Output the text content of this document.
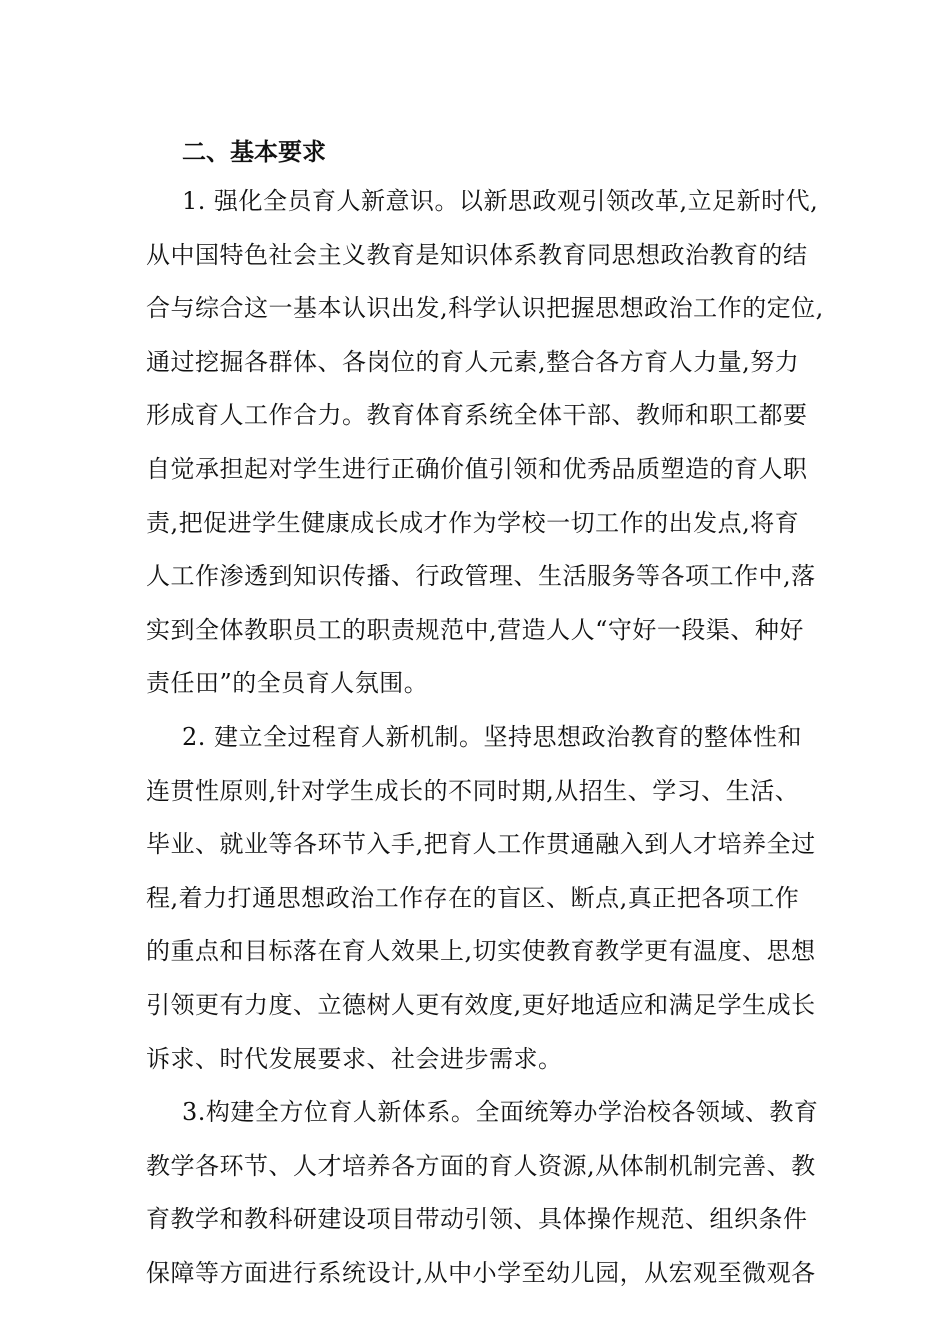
二、基本要求
1. 强化全员育人新意识。以新思政观引领改革,立足新时代,
从中国特色社会主义教育是知识体系教育同思想政治教育的结
合与综合这一基本认识出发,科学认识把握思想政治工作的定位,
通过挖掘各群体、各岗位的育人元素,整合各方育人力量,努力
形成育人工作合力。教育体育系统全体干部、教师和职工都要
自觉承担起对学生进行正确价值引领和优秀品质塑造的育人职
责,把促进学生健康成长成才作为学校一切工作的出发点,将育
人工作渗透到知识传播、行政管理、生活服务等各项工作中,落
实到全体教职员工的职责规范中,营造人人“守好一段渠、种好
责任田”的全员育人氛围。
2. 建立全过程育人新机制。坚持思想政治教育的整体性和
连贯性原则,针对学生成长的不同时期,从招生、学习、生活、
毕业、就业等各环节入手,把育人工作贯通融入到人才培养全过
程,着力打通思想政治工作存在的盲区、断点,真正把各项工作
的重点和目标落在育人效果上,切实使教育教学更有温度、思想
引领更有力度、立德树人更有效度,更好地适应和满足学生成长
诉求、时代发展要求、社会进步需求。
3.构建全方位育人新体系。全面统筹办学治校各领域、教育
教学各环节、人才培养各方面的育人资源,从体制机制完善、教
育教学和教科研建设项目带动引领、具体操作规范、组织条件
保障等方面进行系统设计,从中小学至幼儿园，从宏观至微观各
